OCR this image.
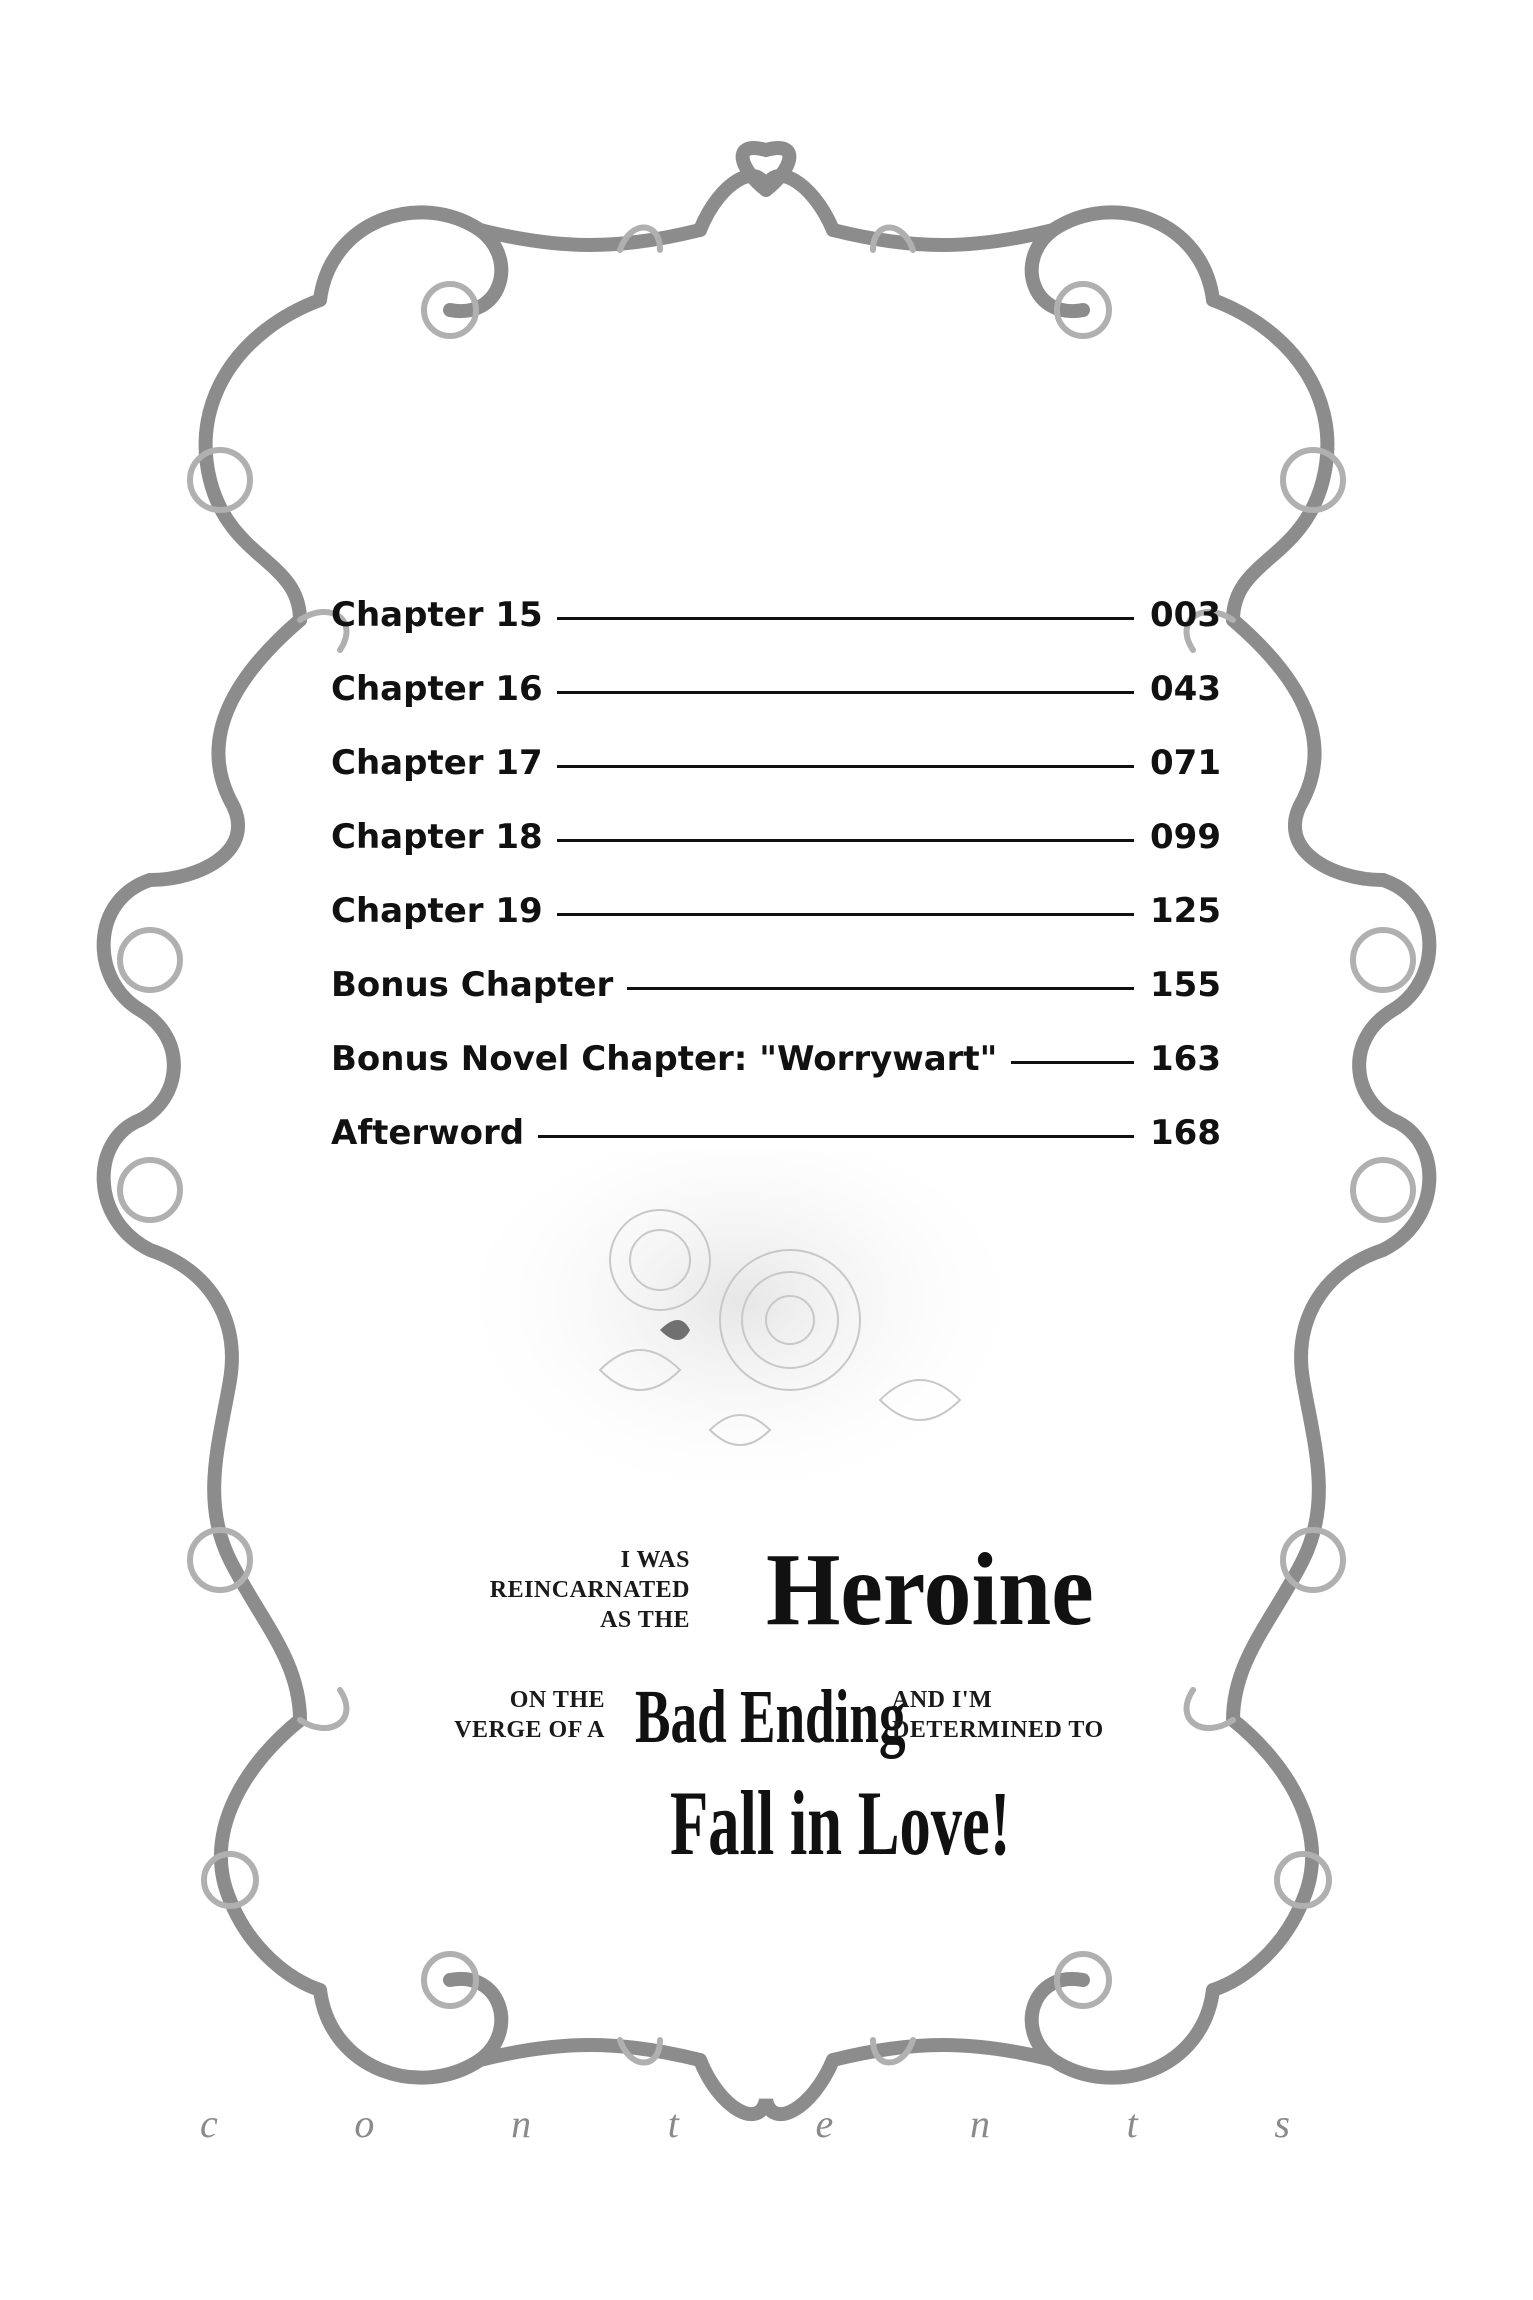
Chapter 15	003
Chapter 16	043
Chapter 17	071
Chapter 18	099
Chapter 19	125
Bonus Chapter	155
Bonus Novel Chapter: "Worrywart"	163
Afterword	168
I WAS
REINCARNATED
AS THE Heroine
ON THE
VERGE OF A Bad Ending
AND I'M
DETERMINED TO
Fall in Love!
c	o	n	t	e	n	t	s
